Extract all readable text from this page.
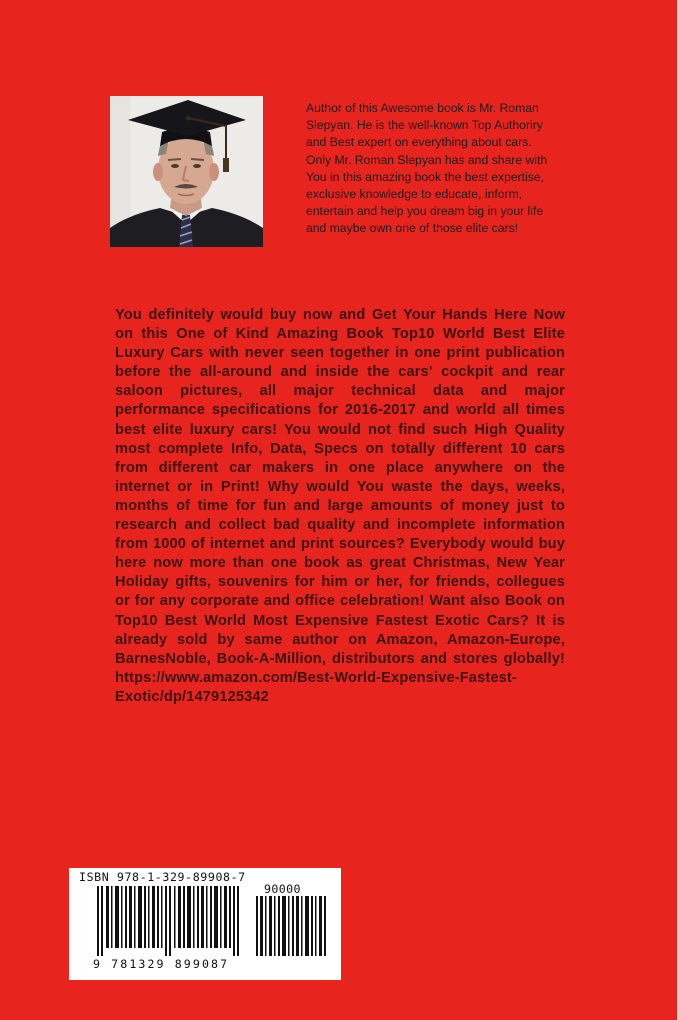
Author of this Awesome book is Mr. Roman Slepyan. He is the well-known Top Authoriry and Best expert on everything about cars. Only Mr. Roman Slepyan has and share with You in this amazing book the best expertise, exclusive knowledge to educate, inform, entertain and help you dream big in your life and maybe own one of those elite cars!

You definitely would buy now and Get Your Hands Here Now on this One of Kind Amazing Book Top10 World Best Elite Luxury Cars with never seen together in one print publication before the all-around and inside the cars' cockpit and rear saloon pictures, all major technical data and major performance specifications for 2016-2017 and world all times best elite luxury cars! You would not find such High Quality most complete Info, Data, Specs on totally different 10 cars from different car makers in one place anywhere on the internet or in Print! Why would You waste the days, weeks, months of time for fun and large amounts of money just to research and collect bad quality and incomplete information from 1000 of internet and print sources? Everybody would buy here now more than one book as great Christmas, New Year Holiday gifts, souvenirs for him or her, for friends, collegues or for any corporate and office celebration! Want also Book on Top10 Best World Most Expensive Fastest Exotic Cars? It is already sold by same author on Amazon, Amazon-Europe, BarnesNoble, Book-A-Million, distributors and stores globally! https://www.amazon.com/Best-World-Expensive-Fastest-Exotic/dp/1479125342

ISBN 978-1-329-89908-7

90000

9 781329 899087
